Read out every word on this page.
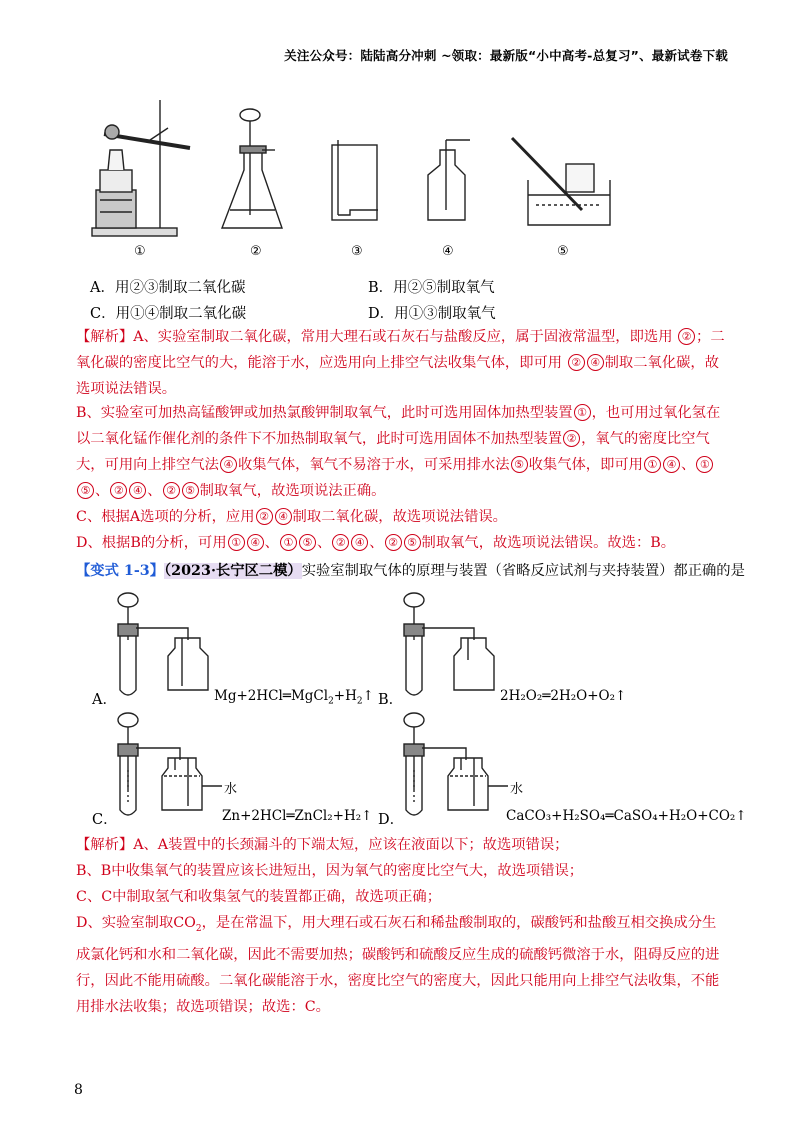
关注公众号：陆陆高分冲刺 ~领取：最新版“小中高考-总复习”、最新试卷下载
①	②	③	④	⑤
A．用②③制取二氧化碳	B．用②⑤制取氧气
C．用①④制取二氧化碳	D．用①③制取氧气
【解析】A、实验室制取二氧化碳，常用大理石或石灰石与盐酸反应，属于固液常温型，即选用 ② ；二氧化碳的密度比空气的大，能溶于水，应选用向上排空气法收集气体，即可用 ② ④ 制取二氧化碳，故选项说法错误。
B、实验室可加热高锰酸钾或加热氯酸钾制取氧气，此时可选用固体加热型装置 ① ，也可用过氧化氢在以二氧化锰作催化剂的条件下不加热制取氧气，此时可选用固体不加热型装置 ② ，氧气的密度比空气大，可用向上排空气法 ④ 收集气体，氧气不易溶于水，可采用排水法 ⑤ 收集气体，即可用 ① ④ 、 ①⑤ 、 ② ④ 、 ② ⑤ 制取氧气，故选项说法正确。
C、根据A选项的分析，应用 ② ④ 制取二氧化碳，故选项说法错误。
D、根据B的分析，可用 ① ④ 、 ① ⑤ 、 ② ④ 、 ② ⑤ 制取氧气，故选项说法错误。故选：B。
【变式 1-3】（2023·长宁区二模）实验室制取气体的原理与装置（省略反应试剂与夹持装置）都正确的是
A．	$Mg+2HCl═MgCl_2+H_2↑$ B．	2H₂O₂═2H₂O+O₂↑
C．
水
Zn+2HCl═ZnCl₂+H₂↑ D．
水
CaCO₃+H₂SO₄═CaSO₄+H₂O+CO₂↑
【解析】A、A装置中的长颈漏斗的下端太短，应该在液面以下；故选项错误；
B、B中收集氧气的装置应该长进短出，因为氧气的密度比空气大，故选项错误；
C、C中制取氢气和收集氢气的装置都正确，故选项正确；
D、实验室制取$CO_2$，是在常温下，用大理石或石灰石和稀盐酸制取的，碳酸钙和盐酸互相交换成分生成氯化钙和水和二氧化碳，因此不需要加热；碳酸钙和硫酸反应生成的硫酸钙微溶于水，阻碍反应的进行，因此不能用硫酸。二氧化碳能溶于水，密度比空气的密度大，因此只能用向上排空气法收集，不能用排水法收集；故选项错误；故选：C。
8
